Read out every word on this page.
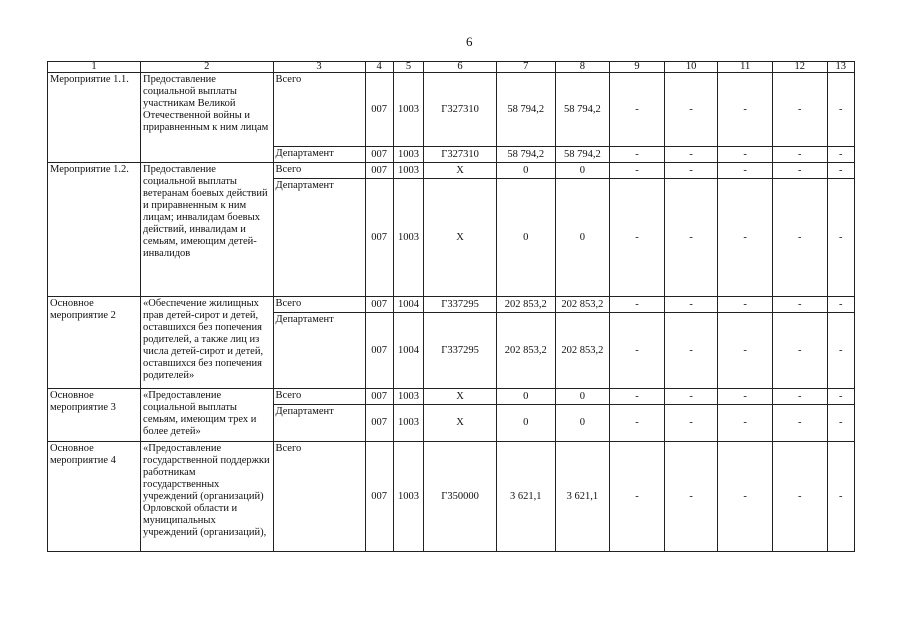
6
1	2	3	4	5	6	7	8	9	10	11	12	13
Мероприятие 1.1.	Предоставление социальной выплаты участникам Великой Отечественной войны и приравненным к ним лицам	Всего	007	1003	Г327310	58 794,2	58 794,2	-	-	-	-	-
		Департамент	007	1003	Г327310	58 794,2	58 794,2	-	-	-	-	-
Мероприятие 1.2.	Предоставление социальной выплаты ветеранам боевых действий и приравненным к ним лицам; инвалидам боевых действий, инвалидам и семьям, имеющим детей-инвалидов	Всего	007	1003	Х	0	0	-	-	-	-	-
		Департамент	007	1003	Х	0	0	-	-	-	-	-
Основное мероприятие 2	«Обеспечение жилищных прав детей-сирот и детей, оставшихся без попечения родителей, а также лиц из числа детей-сирот и детей, оставшихся без попечения родителей»	Всего	007	1004	Г337295	202 853,2	202 853,2	-	-	-	-	-
		Департамент	007	1004	Г337295	202 853,2	202 853,2	-	-	-	-	-
Основное мероприятие 3	«Предоставление социальной выплаты семьям, имеющим трех и более детей»	Всего	007	1003	Х	0	0	-	-	-	-	-
		Департамент	007	1003	Х	0	0	-	-	-	-	-
Основное мероприятие 4	«Предоставление государственной поддержки работникам государственных учреждений (организаций) Орловской области и муниципальных учреждений (организаций),	Всего	007	1003	Г350000	3 621,1	3 621,1	-	-	-	-	-
